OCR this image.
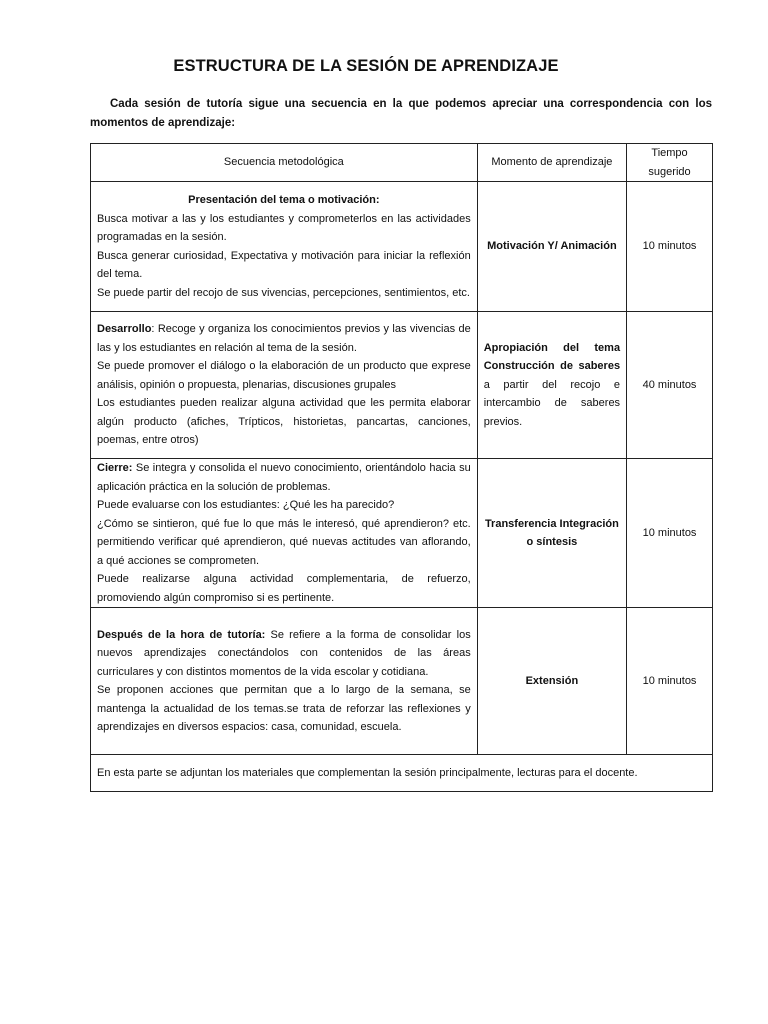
ESTRUCTURA DE LA SESIÓN DE APRENDIZAJE
Cada sesión de tutoría sigue una secuencia en la que podemos apreciar una correspondencia con los momentos de aprendizaje:
Secuencia metodológica	Momento de aprendizaje	Tiempo sugerido

Presentación del tema o motivación:
Busca motivar a las y los estudiantes y comprometerlos en las actividades programadas en la sesión.
Busca generar curiosidad, Expectativa y motivación para iniciar la reflexión del tema.
Se puede partir del recojo de sus vivencias, percepciones, sentimientos, etc.	Motivación Y/ Animación	10 minutos

Desarrollo: Recoge y organiza los conocimientos previos y las vivencias de las y los estudiantes en relación al tema de la sesión.
Se puede promover el diálogo o la elaboración de un producto que exprese análisis, opinión o propuesta, plenarias, discusiones grupales
Los estudiantes pueden realizar alguna actividad que les permita elaborar algún producto (afiches, Trípticos, historietas, pancartas, canciones, poemas, entre otros)	Apropiación del tema Construcción de saberes a partir del recojo e intercambio de saberes previos.	40 minutos

Cierre: Se integra y consolida el nuevo conocimiento, orientándolo hacia su aplicación práctica en la solución de problemas.
Puede evaluarse con los estudiantes: ¿Qué les ha parecido?
¿Cómo se sintieron, qué fue lo que más le interesó, qué aprendieron? etc. permitiendo verificar qué aprendieron, qué nuevas actitudes van aflorando, a qué acciones se comprometen.
Puede realizarse alguna actividad complementaria, de refuerzo, promoviendo algún compromiso si es pertinente.	Transferencia Integración o síntesis	10 minutos

Después de la hora de tutoría: Se refiere a la forma de consolidar los nuevos aprendizajes conectándolos con contenidos de las áreas curriculares y con distintos momentos de la vida escolar y cotidiana.
Se proponen acciones que permitan que a lo largo de la semana, se mantenga la actualidad de los temas.se trata de reforzar las reflexiones y aprendizajes en diversos espacios: casa, comunidad, escuela.	Extensión	10 minutos
En esta parte se adjuntan los materiales que complementan la sesión principalmente, lecturas para el docente.		
